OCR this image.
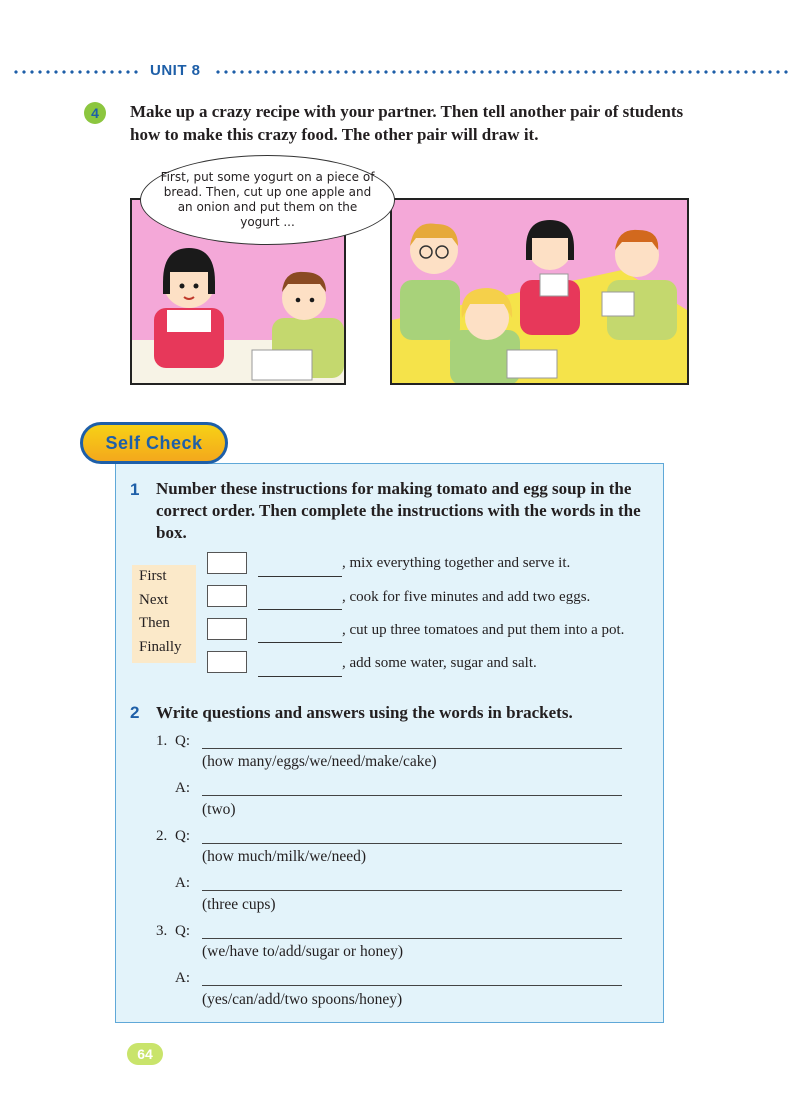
UNIT 8
4	Make up a crazy recipe with your partner. Then tell another pair of students how to make this crazy food. The other pair will draw it.
First, put some yogurt on a piece of bread. Then, cut up one apple and an onion and put them on the yogurt ...
Self Check
1 Number these instructions for making tomato and egg soup in the correct order. Then complete the instructions with the words in the box.
First
Next
Then
Finally
, mix everything together and serve it.
, cook for five minutes and add two eggs.
, cut up three tomatoes and put them into a pot.
, add some water, sugar and salt.
2 Write questions and answers using the words in brackets.
1. Q:
(how many/eggs/we/need/make/cake)
A:
(two)
2. Q:
(how much/milk/we/need)
A:
(three cups)
3. Q:
(we/have to/add/sugar or honey)
A:
(yes/can/add/two spoons/honey)
64
